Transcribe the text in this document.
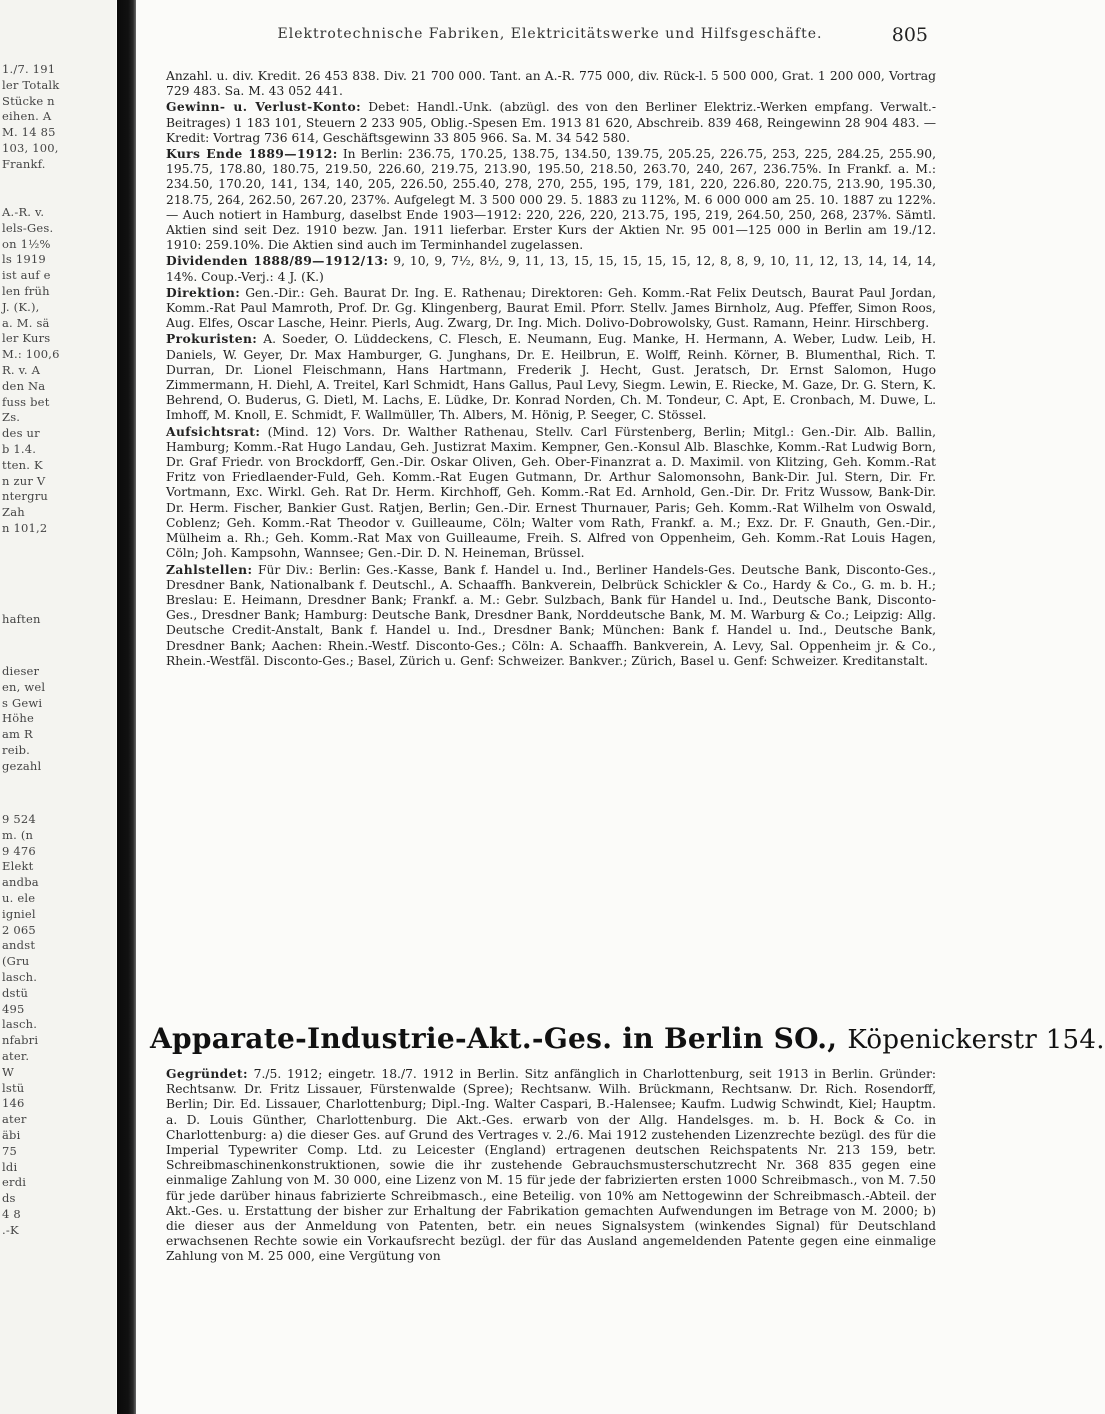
1./7. 191
ler Totalk
Stücke n
eihen. A
M. 14 85
103, 100,
Frankf.
A.-R. v.
lels-Ges.
on 1½%
ls 1919
ist auf e
len früh
J. (K.),
a. M. sä
ler Kurs
M.: 100,6
R. v. A
den Na
fuss bet
Zs.
des ur
b 1.4.
tten. K
n zur V
ntergru
Zah
n 101,2
haften
dieser
en, wel
s Gewi
Höhe
am R
reib.
gezahl
9 524
m. (n
9 476
Elekt
andba
u. ele
igniel
2 065
andst
(Gru
lasch.
dstü
495
lasch.
nfabri
ater.
W
lstü
146
ater
äbi
75
ldi
erdi
ds
4 8
.-K
Elektrotechnische Fabriken, Elektricitätswerke und Hilfsgeschäfte.	805

Anzahl. u. div. Kredit. 26 453 838. Div. 21 700 000. Tant. an A.-R. 775 000, div. Rück-l. 5 500 000, Grat. 1 200 000, Vortrag 729 483. Sa. M. 43 052 441.

Gewinn- u. Verlust-Konto: Debet: Handl.-Unk. (abzügl. des von den Berliner Elektriz.-Werken empfang. Verwalt.-Beitrages) 1 183 101, Steuern 2 233 905, Oblig.-Spesen Em. 1913 81 620, Abschreib. 839 468, Reingewinn 28 904 483. — Kredit: Vortrag 736 614, Geschäftsgewinn 33 805 966. Sa. M. 34 542 580.

Kurs Ende 1889—1912: In Berlin: 236.75, 170.25, 138.75, 134.50, 139.75, 205.25, 226.75, 253, 225, 284.25, 255.90, 195.75, 178.80, 180.75, 219.50, 226.60, 219.75, 213.90, 195.50, 218.50, 263.70, 240, 267, 236.75%. In Frankf. a. M.: 234.50, 170.20, 141, 134, 140, 205, 226.50, 255.40, 278, 270, 255, 195, 179, 181, 220, 226.80, 220.75, 213.90, 195.30, 218.75, 264, 262.50, 267.20, 237%. Aufgelegt M. 3 500 000 29. 5. 1883 zu 112%, M. 6 000 000 am 25. 10. 1887 zu 122%. — Auch notiert in Hamburg, daselbst Ende 1903—1912: 220, 226, 220, 213.75, 195, 219, 264.50, 250, 268, 237%. Sämtl. Aktien sind seit Dez. 1910 bezw. Jan. 1911 lieferbar. Erster Kurs der Aktien Nr. 95 001—125 000 in Berlin am 19./12. 1910: 259.10%. Die Aktien sind auch im Terminhandel zugelassen.

Dividenden 1888/89—1912/13: 9, 10, 9, 7½, 8½, 9, 11, 13, 15, 15, 15, 15, 15, 12, 8, 8, 9, 10, 11, 12, 13, 14, 14, 14, 14%. Coup.-Verj.: 4 J. (K.)

Direktion: Gen.-Dir.: Geh. Baurat Dr. Ing. E. Rathenau; Direktoren: Geh. Komm.-Rat Felix Deutsch, Baurat Paul Jordan, Komm.-Rat Paul Mamroth, Prof. Dr. Gg. Klingenberg, Baurat Emil. Pforr. Stellv. James Birnholz, Aug. Pfeffer, Simon Roos, Aug. Elfes, Oscar Lasche, Heinr. Pierls, Aug. Zwarg, Dr. Ing. Mich. Dolivo-Dobrowolsky, Gust. Ramann, Heinr. Hirschberg.

Prokuristen: A. Soeder, O. Lüddeckens, C. Flesch, E. Neumann, Eug. Manke, H. Hermann, A. Weber, Ludw. Leib, H. Daniels, W. Geyer, Dr. Max Hamburger, G. Junghans, Dr. E. Heilbrun, E. Wolff, Reinh. Körner, B. Blumenthal, Rich. T. Durran, Dr. Lionel Fleischmann, Hans Hartmann, Frederik J. Hecht, Gust. Jeratsch, Dr. Ernst Salomon, Hugo Zimmermann, H. Diehl, A. Treitel, Karl Schmidt, Hans Gallus, Paul Levy, Siegm. Lewin, E. Riecke, M. Gaze, Dr. G. Stern, K. Behrend, O. Buderus, G. Dietl, M. Lachs, E. Lüdke, Dr. Konrad Norden, Ch. M. Tondeur, C. Apt, E. Cronbach, M. Duwe, L. Imhoff, M. Knoll, E. Schmidt, F. Wallmüller, Th. Albers, M. Hönig, P. Seeger, C. Stössel.

Aufsichtsrat: (Mind. 12) Vors. Dr. Walther Rathenau, Stellv. Carl Fürstenberg, Berlin; Mitgl.: Gen.-Dir. Alb. Ballin, Hamburg; Komm.-Rat Hugo Landau, Geh. Justizrat Maxim. Kempner, Gen.-Konsul Alb. Blaschke, Komm.-Rat Ludwig Born, Dr. Graf Friedr. von Brockdorff, Gen.-Dir. Oskar Oliven, Geh. Ober-Finanzrat a. D. Maximil. von Klitzing, Geh. Komm.-Rat Fritz von Friedlaender-Fuld, Geh. Komm.-Rat Eugen Gutmann, Dr. Arthur Salomonsohn, Bank-Dir. Jul. Stern, Dir. Fr. Vortmann, Exc. Wirkl. Geh. Rat Dr. Herm. Kirchhoff, Geh. Komm.-Rat Ed. Arnhold, Gen.-Dir. Dr. Fritz Wussow, Bank-Dir. Dr. Herm. Fischer, Bankier Gust. Ratjen, Berlin; Gen.-Dir. Ernest Thurnauer, Paris; Geh. Komm.-Rat Wilhelm von Oswald, Coblenz; Geh. Komm.-Rat Theodor v. Guilleaume, Cöln; Walter vom Rath, Frankf. a. M.; Exz. Dr. F. Gnauth, Gen.-Dir., Mülheim a. Rh.; Geh. Komm.-Rat Max von Guilleaume, Freih. S. Alfred von Oppenheim, Geh. Komm.-Rat Louis Hagen, Cöln; Joh. Kampsohn, Wannsee; Gen.-Dir. D. N. Heineman, Brüssel.

Zahlstellen: Für Div.: Berlin: Ges.-Kasse, Bank f. Handel u. Ind., Berliner Handels-Ges. Deutsche Bank, Disconto-Ges., Dresdner Bank, Nationalbank f. Deutschl., A. Schaaffh. Bankverein, Delbrück Schickler & Co., Hardy & Co., G. m. b. H.; Breslau: E. Heimann, Dresdner Bank; Frankf. a. M.: Gebr. Sulzbach, Bank für Handel u. Ind., Deutsche Bank, Disconto-Ges., Dresdner Bank; Hamburg: Deutsche Bank, Dresdner Bank, Norddeutsche Bank, M. M. Warburg & Co.; Leipzig: Allg. Deutsche Credit-Anstalt, Bank f. Handel u. Ind., Dresdner Bank; München: Bank f. Handel u. Ind., Deutsche Bank, Dresdner Bank; Aachen: Rhein.-Westf. Disconto-Ges.; Cöln: A. Schaaffh. Bankverein, A. Levy, Sal. Oppenheim jr. & Co., Rhein.-Westfäl. Disconto-Ges.; Basel, Zürich u. Genf: Schweizer. Bankver.; Zürich, Basel u. Genf: Schweizer. Kreditanstalt.

Apparate-Industrie-Akt.-Ges. in Berlin SO., Köpenickerstr 154.

Gegründet: 7./5. 1912; eingetr. 18./7. 1912 in Berlin. Sitz anfänglich in Charlottenburg, seit 1913 in Berlin. Gründer: Rechtsanw. Dr. Fritz Lissauer, Fürstenwalde (Spree); Rechtsanw. Wilh. Brückmann, Rechtsanw. Dr. Rich. Rosendorff, Berlin; Dir. Ed. Lissauer, Charlottenburg; Dipl.-Ing. Walter Caspari, B.-Halensee; Kaufm. Ludwig Schwindt, Kiel; Hauptm. a. D. Louis Günther, Charlottenburg. Die Akt.-Ges. erwarb von der Allg. Handelsges. m. b. H. Bock & Co. in Charlottenburg: a) die dieser Ges. auf Grund des Vertrages v. 2./6. Mai 1912 zustehenden Lizenzrechte bezügl. des für die Imperial Typewriter Comp. Ltd. zu Leicester (England) ertragenen deutschen Reichspatents Nr. 213 159, betr. Schreibmaschinenkonstruktionen, sowie die ihr zustehende Gebrauchsmusterschutzrecht Nr. 368 835 gegen eine einmalige Zahlung von M. 30 000, eine Lizenz von M. 15 für jede der fabrizierten ersten 1000 Schreibmasch., von M. 7.50 für jede darüber hinaus fabrizierte Schreibmasch., eine Beteilig. von 10% am Nettogewinn der Schreibmasch.-Abteil. der Akt.-Ges. u. Erstattung der bisher zur Erhaltung der Fabrikation gemachten Aufwendungen im Betrage von M. 2000; b) die dieser aus der Anmeldung von Patenten, betr. ein neues Signalsystem (winkendes Signal) für Deutschland erwachsenen Rechte sowie ein Vorkaufsrecht bezügl. der für das Ausland angemeldenden Patente gegen eine einmalige Zahlung von M. 25 000, eine Vergütung von
